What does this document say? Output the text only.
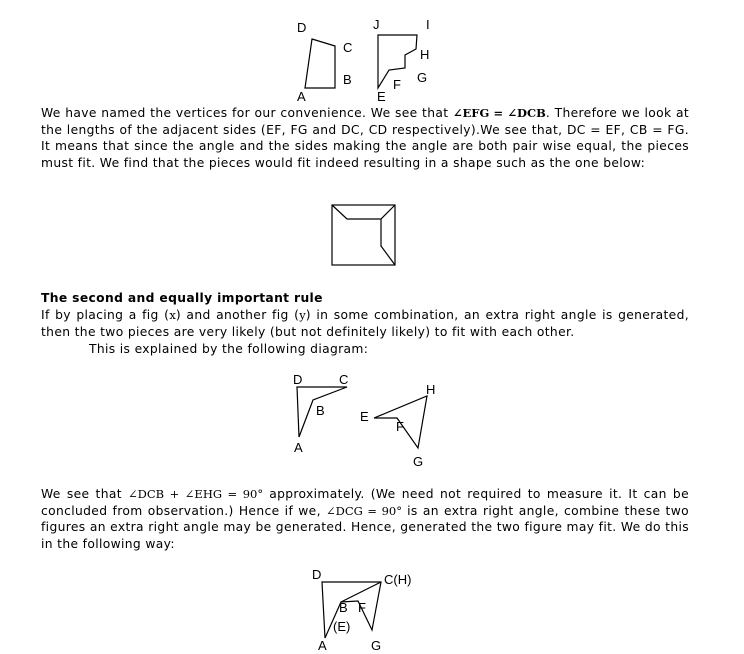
D
C
B
A
J	I
H
G
F
E

We have named the vertices for our convenience. We see that ∠EFG = ∠DCB. Therefore we look at the lengths of the adjacent sides (EF, FG and DC, CD respectively).We see that, DC = EF, CB = FG. It means that since the angle and the sides making the angle are both pair wise equal, the pieces must fit. We find that the pieces would fit indeed resulting in a shape such as the one below:

The second and equally important rule

If by placing a fig (x) and another fig (y) in some combination, an extra right angle is generated, then the two pieces are very likely (but not definitely likely) to fit with each other.

This is explained by the following diagram:

D	C
B
A
H
E
F
G

We see that ∠DCB + ∠EHG = 90° approximately. (We need not required to measure it. It can be concluded from observation.) Hence if we, ∠DCG = 90° is an extra right angle, combine these two figures an extra right angle may be generated. Hence, generated the two figure may fit. We do this in the following way:

D	C(H)
B F
(E)
A	G
